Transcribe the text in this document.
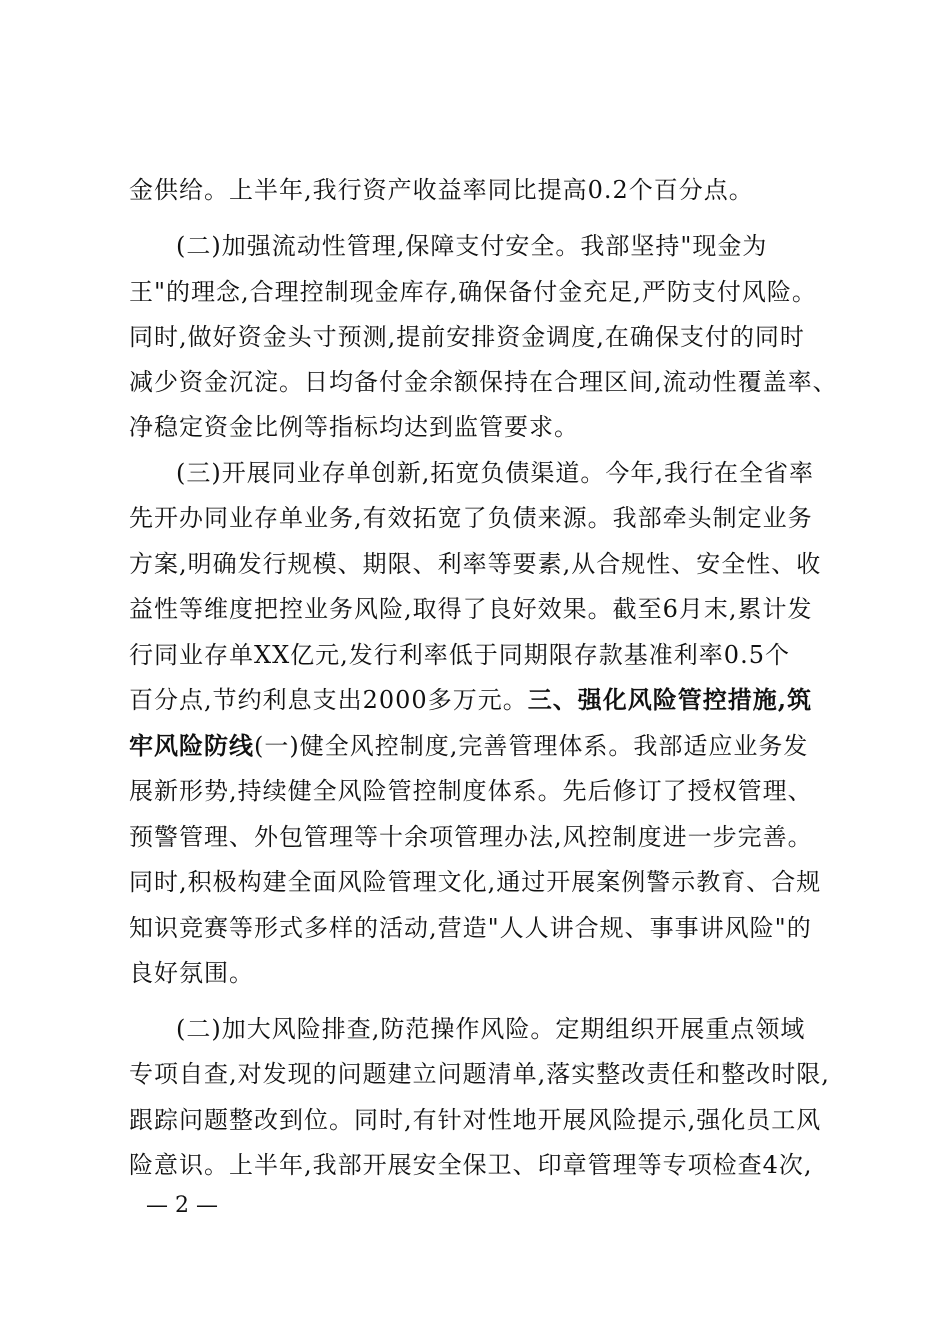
金供给。上半年,我行资产收益率同比提高0.2个百分点。
(二)加强流动性管理,保障支付安全。我部坚持"现金为
王"的理念,合理控制现金库存,确保备付金充足,严防支付风险。
同时,做好资金头寸预测,提前安排资金调度,在确保支付的同时
减少资金沉淀。日均备付金余额保持在合理区间,流动性覆盖率、
净稳定资金比例等指标均达到监管要求。
(三)开展同业存单创新,拓宽负债渠道。今年,我行在全省率
先开办同业存单业务,有效拓宽了负债来源。我部牵头制定业务
方案,明确发行规模、期限、利率等要素,从合规性、安全性、收
益性等维度把控业务风险,取得了良好效果。截至6月末,累计发
行同业存单XX亿元,发行利率低于同期限存款基准利率0.5个
百分点,节约利息支出2000多万元。三、强化风险管控措施,筑
牢风险防线(一)健全风控制度,完善管理体系。我部适应业务发
展新形势,持续健全风险管控制度体系。先后修订了授权管理、
预警管理、外包管理等十余项管理办法,风控制度进一步完善。
同时,积极构建全面风险管理文化,通过开展案例警示教育、合规
知识竞赛等形式多样的活动,营造"人人讲合规、事事讲风险"的
良好氛围。
(二)加大风险排查,防范操作风险。定期组织开展重点领域
专项自查,对发现的问题建立问题清单,落实整改责任和整改时限,
跟踪问题整改到位。同时,有针对性地开展风险提示,强化员工风
险意识。上半年,我部开展安全保卫、印章管理等专项检查4次,
— 2 —
